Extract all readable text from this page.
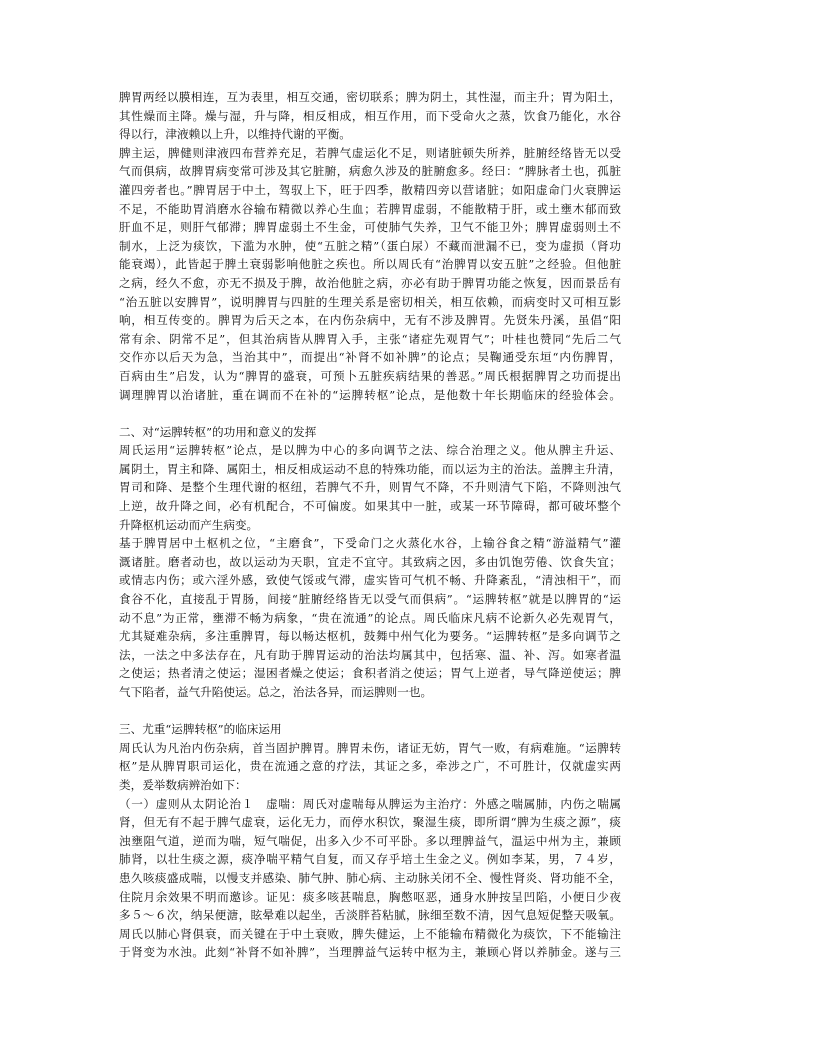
脾胃两经以膜相连，互为表里，相互交通，密切联系；脾为阴土，其性湿，而主升；胃为阳土，
其性燥而主降。燥与湿，升与降，相反相成，相互作用，而下受命火之蒸，饮食乃能化，水谷
得以行，津液赖以上升，以维持代谢的平衡。
脾主运，脾健则津液四布营养充足，若脾气虚运化不足，则诸脏顿失所养，脏腑经络皆无以受
气而俱病，故脾胃病变常可涉及其它脏腑，病愈久涉及的脏腑愈多。经曰：“脾脉者土也，孤脏
灌四旁者也。”脾胃居于中土，驾驭上下，旺于四季，散精四旁以营诸脏；如阳虚命门火衰脾运
不足，不能助胃消磨水谷输布精微以养心生血；若脾胃虚弱，不能散精于肝，或土壅木郁而致
肝血不足，则肝气郁滞；脾胃虚弱土不生金，可使肺气失养，卫气不能卫外；脾胃虚弱则土不
制水，上泛为痰饮，下滥为水肿，使“五脏之精”（蛋白尿）不藏而泄漏不已，变为虚损（肾功
能衰竭），此皆起于脾土衰弱影响他脏之疾也。所以周氏有“治脾胃以安五脏”之经验。但他脏
之病，经久不愈，亦无不损及于脾，故治他脏之病，亦必有助于脾胃功能之恢复，因而景岳有
“治五脏以安脾胃”，说明脾胃与四脏的生理关系是密切相关，相互依赖，而病变时又可相互影
响，相互传变的。脾胃为后天之本，在内伤杂病中，无有不涉及脾胃。先贤朱丹溪，虽倡“阳
常有余、阴常不足”，但其治病皆从脾胃入手，主张“诸症先观胃气”；叶桂也赞同“先后二气
交作亦以后天为急，当治其中”，而提出“补肾不如补脾”的论点；吴鞠通受东垣“内伤脾胃，
百病由生”启发，认为“脾胃的盛衰，可预卜五脏疾病结果的善恶。”周氏根据脾胃之功而提出
调理脾胃以治诸脏，重在调而不在补的“运脾转枢”论点，是他数十年长期临床的经验体会。
二、对“运脾转枢”的功用和意义的发挥
周氏运用“运脾转枢”论点，是以脾为中心的多向调节之法、综合治理之义。他从脾主升运、
属阴土，胃主和降、属阳土，相反相成运动不息的特殊功能，而以运为主的治法。盖脾主升清，
胃司和降、是整个生理代谢的枢纽，若脾气不升，则胃气不降，不升则清气下陷，不降则浊气
上逆，故升降之间，必有机配合，不可偏废。如果其中一脏，或某一环节障碍，都可破坏整个
升降枢机运动而产生病变。
基于脾胃居中土枢机之位，“主磨食”，下受命门之火蒸化水谷，上输谷食之精“游溢精气”灌
溉诸脏。磨者动也，故以运动为天职，宜走不宜守。其致病之因，多由饥饱劳倦、饮食失宜；
或情志内伤；或六淫外感，致使气馁或气滞，虚实皆可气机不畅、升降紊乱，“清浊相干”，而
食谷不化，直接乱于胃肠，间接“脏腑经络皆无以受气而俱病”。“运脾转枢”就是以脾胃的“运
动不息”为正常，壅滞不畅为病象，“贵在流通”的论点。周氏临床凡病不论新久必先观胃气，
尤其疑难杂病，多注重脾胃，每以畅达枢机，鼓舞中州气化为要务。“运脾转枢”是多向调节之
法，一法之中多法存在，凡有助于脾胃运动的治法均属其中，包括寒、温、补、泻。如寒者温
之使运；热者清之使运；湿困者燥之使运；食积者消之使运；胃气上逆者，导气降逆使运；脾
气下陷者，益气升陷使运。总之，治法各异，而运脾则一也。
三、尤重“运脾转枢”的临床运用
周氏认为凡治内伤杂病，首当固护脾胃。脾胃未伤，诸证无妨，胃气一败，有病难施。“运脾转
枢”是从脾胃职司运化，贵在流通之意的疗法，其证之多，牵涉之广，不可胜计，仅就虚实两
类，爰举数病辨治如下：
（一）虚则从太阴论治１　虚喘：周氏对虚喘每从脾运为主治疗：外感之喘属肺，内伤之喘属
肾，但无有不起于脾气虚衰，运化无力，而停水积饮，聚湿生痰，即所谓“脾为生痰之源”，痰
浊壅阻气道，逆而为喘，短气喘促，出多入少不可平卧。多以理脾益气，温运中州为主，兼顾
肺肾，以壮生痰之源，痰净喘平精气自复，而又存乎培土生金之义。例如李某，男，７４岁，
患久咳痰盛成喘，以慢支并感染、肺气肿、肺心病、主动脉关闭不全、慢性肾炎、肾功能不全，
住院月余效果不明而邀诊。证见：痰多咳甚喘息，胸憋呕恶，通身水肿按呈凹陷，小便日少夜
多５～６次，纳呆便溏，眩晕难以起坐，舌淡胖苔粘腻，脉细至数不清，因气息短促整天吸氧。
周氏以肺心肾俱衰，而关键在于中土衰败，脾失健运，上不能输布精微化为痰饮，下不能输注
于肾变为水浊。此刻“补肾不如补脾”，当理脾益气运转中枢为主，兼顾心肾以养肺金。遂与三
